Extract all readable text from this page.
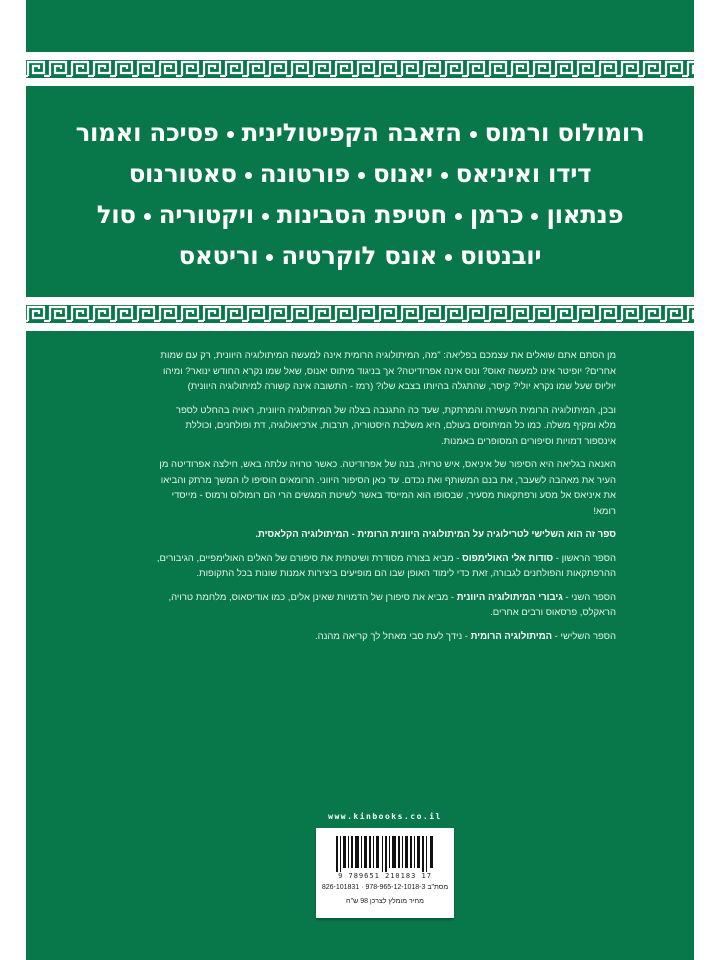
רומולוס ורמוסהזאבה הקפיטוליניתפסיכה ואמור
דידו ואיניאסיאנוספורטונהסאטורנוס
פנתאוןכרמןחטיפת הסבינותויקטוריהסול
יובנטוסאונס לוקרטיהוריטאס

מן הסתם אתם שואלים את עצמכם בפליאה: "מה, המיתולוגיה הרומית אינה למעשה המיתולוגיה היוונית, רק עם שמות אחרים? יופיטר אינו למעשה זאוס? ונוס אינה אפרודיטה? אך בניגוד מיתוס יאנוס, שאל שמו נקרא החודש ינואר? ומיהו יוליוס שעל שמו נקרא יולי? קיסר, שהתגלה בהיותו בצבא שלו? (רמז - התשובה אינה קשורה למיתולוגיה היוונית)

ובכן, המיתולוגיה הרומית העשירה והמרתקת, שעד כה התגנבה בצלה של המיתולוגיה היוונית, ראויה בהחלט לספר מלא ומקיף משלה. כמו כל המיתוסים בעולם, היא משלבת היסטוריה, תרבות, ארכיאולוגיה, דת ופולחנים, וכוללת אינספור דמויות וסיפורים המסופרים באמנות.

האנאה בגליאה היא הסיפור של איניאס, איש טרויה, בנה של אפרודיטה. כאשר טרויה עלתה באש, חילצה אפרודיטה מן העיר את מאהבה לשעבר, את בנם המשותף ואת נכדם. עד כאן הסיפור היווני. הרומאים הוסיפו לו המשך מרתק והביאו את איניאס אל מסע ורפתקאות מסעיר, שבסופו הוא המייסד באשר לשיטת המגשים הרי הם רומולוס ורמוס - מייסדי רומא!

ספר זה הוא השלישי לטרילוגיה על המיתולוגיה היוונית הרומית - המיתולוגיה הקלאסית.

הספר הראשון - סודות אלי האולימפוס - מביא בצורה מסודרת ושיטתית את סיפורם של האלים האולימפיים, הגיבורים, ההרפתקאות והפולחנים לגבורה, זאת כדי לימוד האופן שבו הם מופיעים ביצירות אמנות שונות בכל התקופות.

הספר השני - גיבורי המיתולוגיה היוונית - מביא את סיפורן של הדמויות שאינן אלים, כמו אודיסאוס, מלחמת טרויה, הראקלס, פרסאוס ורבים אחרים.

הספר השלישי - המיתולוגיה הרומית - נידך לעת סבי מאחל לך קריאה מהנה.

www.kinbooks.co.il
9 789651 210183 17
מסת"ב 978-965-12-1018-3 · 826-101831
מחיר מומלץ לצרכן 98 ש"ח
